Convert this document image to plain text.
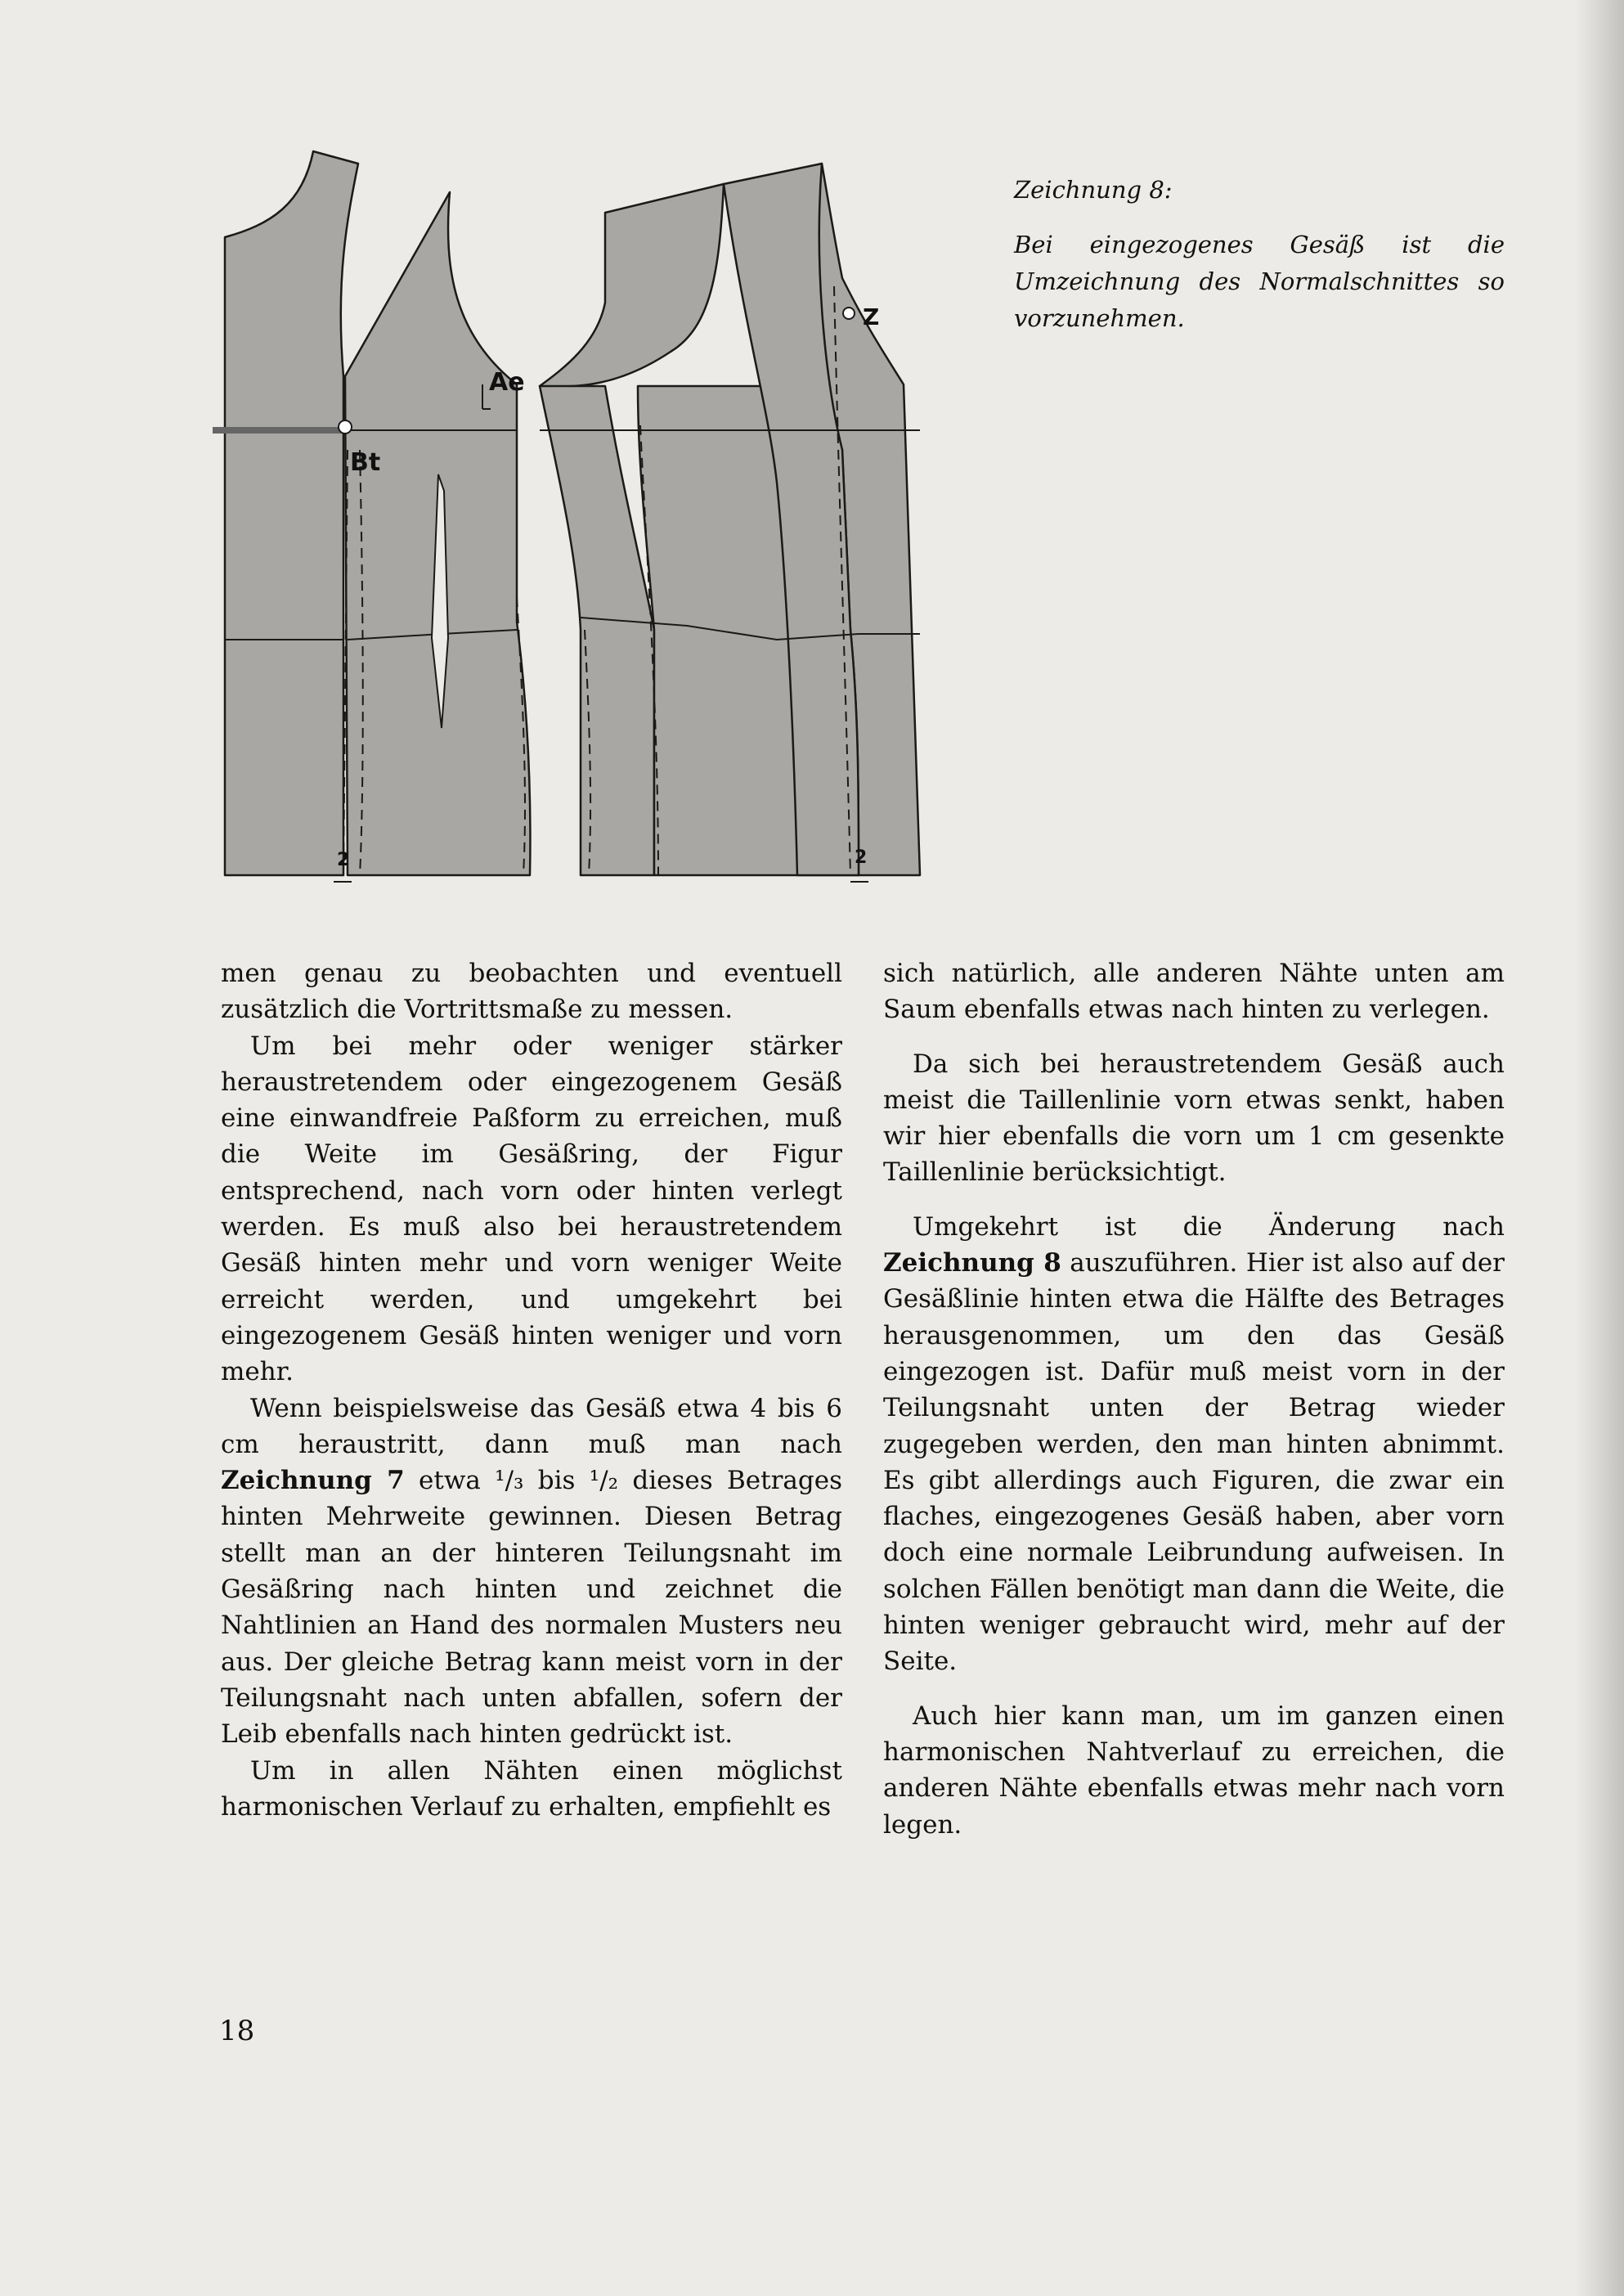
Ae
Bt
Z
2	2
Zeichnung 8:
Bei eingezogenes Gesäß ist die Umzeichnung des Normalschnittes so vorzunehmen.

men genau zu beobachten und eventuell zusätzlich die Vortrittsmaße zu messen.

Um bei mehr oder weniger stärker heraustretendem oder eingezogenem Gesäß eine einwandfreie Paßform zu erreichen, muß die Weite im Gesäßring, der Figur entsprechend, nach vorn oder hinten verlegt werden. Es muß also bei heraustretendem Gesäß hinten mehr und vorn weniger Weite erreicht werden, und umgekehrt bei eingezogenem Gesäß hinten weniger und vorn mehr.

Wenn beispielsweise das Gesäß etwa 4 bis 6 cm heraustritt, dann muß man nach Zeichnung 7 etwa ¹/₃ bis ¹/₂ dieses Betrages hinten Mehrweite gewinnen. Diesen Betrag stellt man an der hinteren Teilungsnaht im Gesäßring nach hinten und zeichnet die Nahtlinien an Hand des normalen Musters neu aus. Der gleiche Betrag kann meist vorn in der Teilungsnaht nach unten abfallen, sofern der Leib ebenfalls nach hinten gedrückt ist.

Um in allen Nähten einen möglichst harmonischen Verlauf zu erhalten, empfiehlt es

sich natürlich, alle anderen Nähte unten am Saum ebenfalls etwas nach hinten zu verlegen.

Da sich bei heraustretendem Gesäß auch meist die Taillenlinie vorn etwas senkt, haben wir hier ebenfalls die vorn um 1 cm gesenkte Taillenlinie berücksichtigt.

Umgekehrt ist die Änderung nach Zeichnung 8 auszuführen. Hier ist also auf der Gesäßlinie hinten etwa die Hälfte des Betrages herausgenommen, um den das Gesäß eingezogen ist. Dafür muß meist vorn in der Teilungsnaht unten der Betrag wieder zugegeben werden, den man hinten abnimmt. Es gibt allerdings auch Figuren, die zwar ein flaches, eingezogenes Gesäß haben, aber vorn doch eine normale Leibrundung aufweisen. In solchen Fällen benötigt man dann die Weite, die hinten weniger gebraucht wird, mehr auf der Seite.

Auch hier kann man, um im ganzen einen harmonischen Nahtverlauf zu erreichen, die anderen Nähte ebenfalls etwas mehr nach vorn legen.

18
